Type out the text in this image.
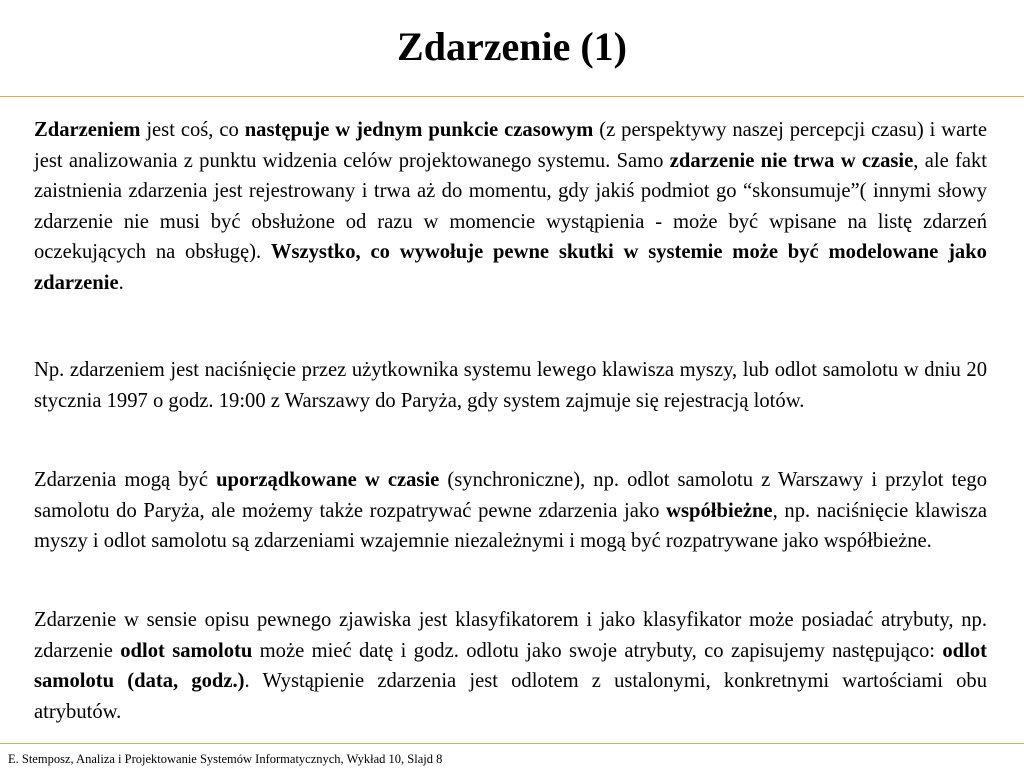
Zdarzenie (1)

Zdarzeniem jest coś, co następuje w jednym punkcie czasowym (z perspektywy naszej percepcji czasu) i warte jest analizowania z punktu widzenia celów projektowanego systemu. Samo zdarzenie nie trwa w czasie, ale fakt zaistnienia zdarzenia jest rejestrowany i trwa aż do momentu, gdy jakiś podmiot go “skonsumuje”( innymi słowy zdarzenie nie musi być obsłużone od razu w momencie wystąpienia - może być wpisane na listę zdarzeń oczekujących na obsługę). Wszystko, co wywołuje pewne skutki w systemie może być modelowane jako zdarzenie.

Np. zdarzeniem jest naciśnięcie przez użytkownika systemu lewego klawisza myszy, lub odlot samolotu w dniu 20 stycznia 1997 o godz. 19:00 z Warszawy do Paryża, gdy system zajmuje się rejestracją lotów.

Zdarzenia mogą być uporządkowane w czasie (synchroniczne), np. odlot samolotu z Warszawy i przylot tego samolotu do Paryża, ale możemy także rozpatrywać pewne zdarzenia jako współbieżne, np. naciśnięcie klawisza myszy i odlot samolotu są zdarzeniami wzajemnie niezależnymi i mogą być rozpatrywane jako współbieżne.

Zdarzenie w sensie opisu pewnego zjawiska jest klasyfikatorem i jako klasyfikator może posiadać atrybuty, np. zdarzenie odlot samolotu może mieć datę i godz. odlotu jako swoje atrybuty, co zapisujemy następująco: odlot samolotu (data, godz.). Wystąpienie zdarzenia jest odlotem z ustalonymi, konkretnymi wartościami obu atrybutów.

E. Stemposz, Analiza i Projektowanie Systemów Informatycznych, Wykład 10, Slajd 8
